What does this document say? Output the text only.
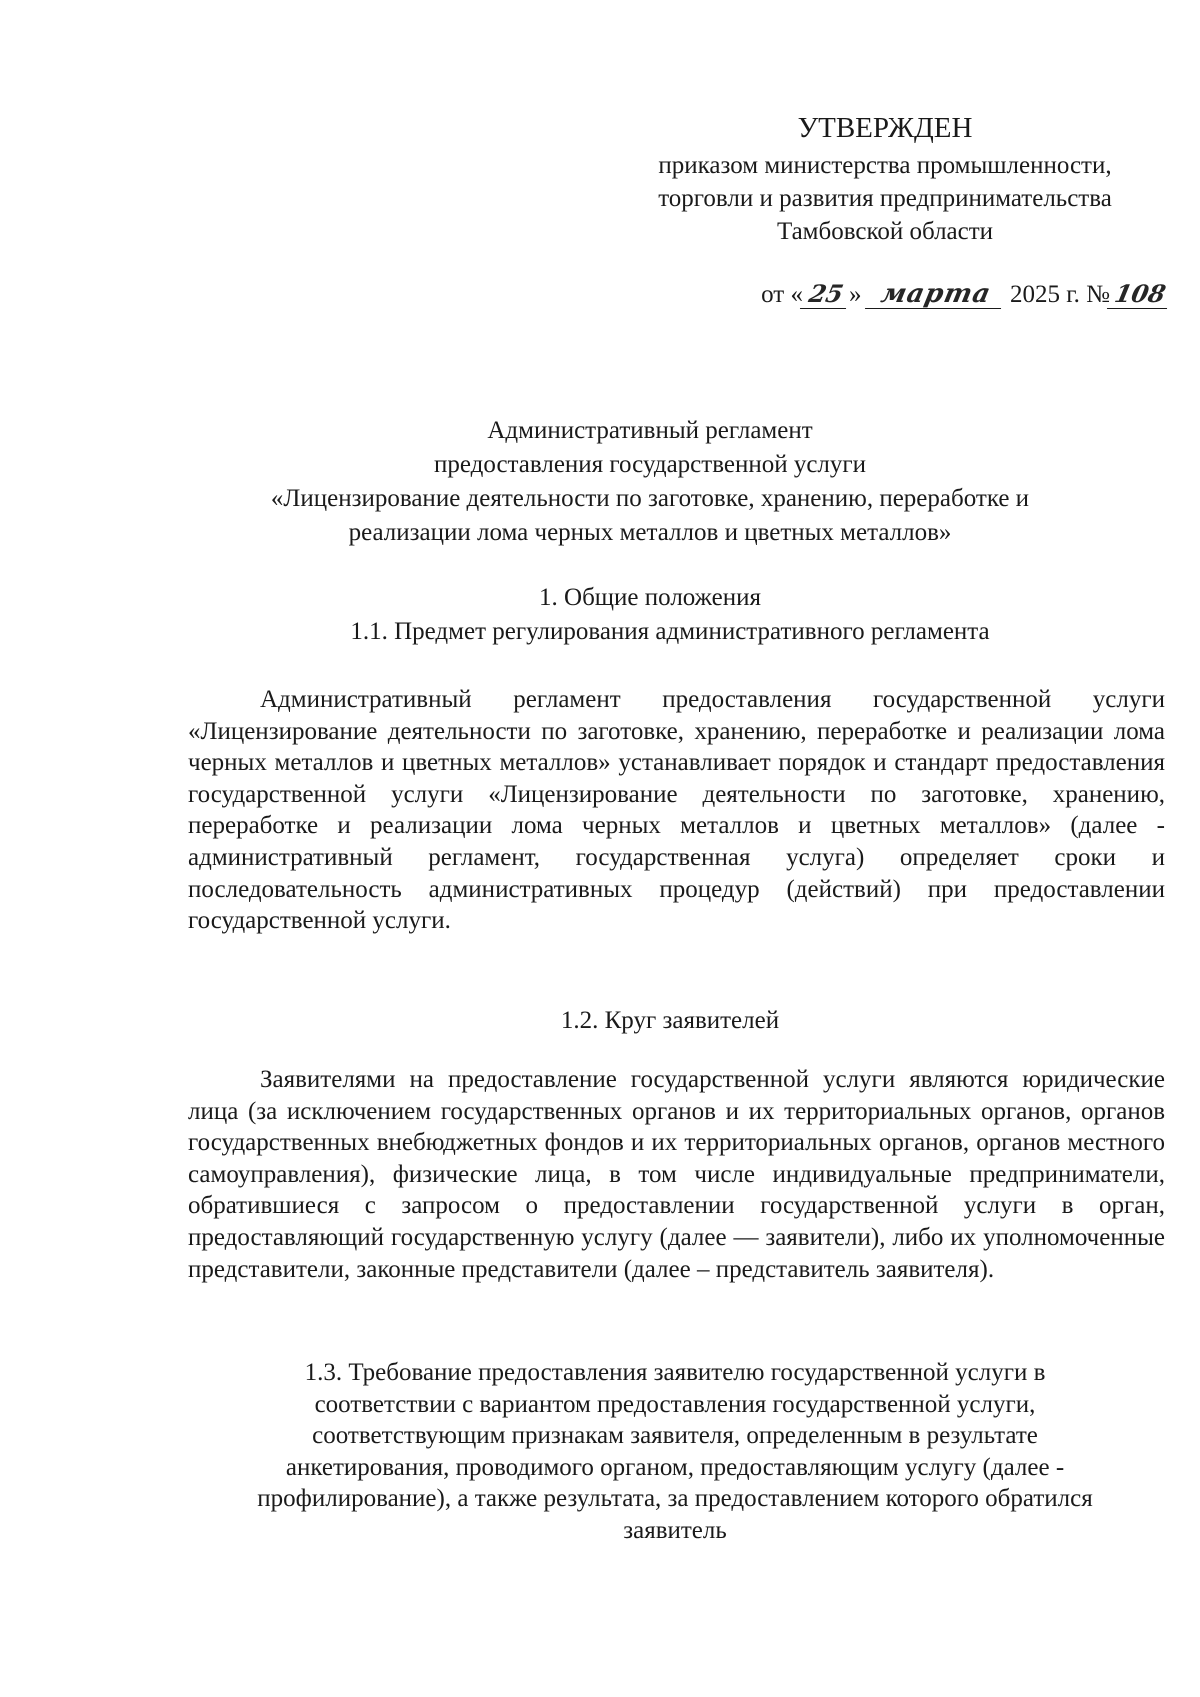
УТВЕРЖДЕН
приказом министерства промышленности,
торговли и развития предпринимательства
Тамбовской области
от « 25 » марта 2025 г. №108
Административный регламент
предоставления государственной услуги
«Лицензирование деятельности по заготовке, хранению, переработке и
реализации лома черных металлов и цветных металлов»
1. Общие положения
1.1. Предмет регулирования административного регламента
Административный регламент предоставления государственной услуги «Лицензирование деятельности по заготовке, хранению, переработке и реализации лома черных металлов и цветных металлов» устанавливает порядок и стандарт предоставления государственной услуги «Лицензирование деятельности по заготовке, хранению, переработке и реализации лома черных металлов и цветных металлов» (далее - административный регламент, государственная услуга) определяет сроки и последовательность административных процедур (действий) при предоставлении государственной услуги.
1.2. Круг заявителей
Заявителями на предоставление государственной услуги являются юридические лица (за исключением государственных органов и их территориальных органов, органов государственных внебюджетных фондов и их территориальных органов, органов местного самоуправления), физические лица, в том числе индивидуальные предприниматели, обратившиеся с запросом о предоставлении государственной услуги в орган, предоставляющий государственную услугу (далее — заявители), либо их уполномоченные представители, законные представители (далее – представитель заявителя).
1.3. Требование предоставления заявителю государственной услуги в
соответствии с вариантом предоставления государственной услуги,
соответствующим признакам заявителя, определенным в результате
анкетирования, проводимого органом, предоставляющим услугу (далее -
профилирование), а также результата, за предоставлением которого обратился
заявитель
